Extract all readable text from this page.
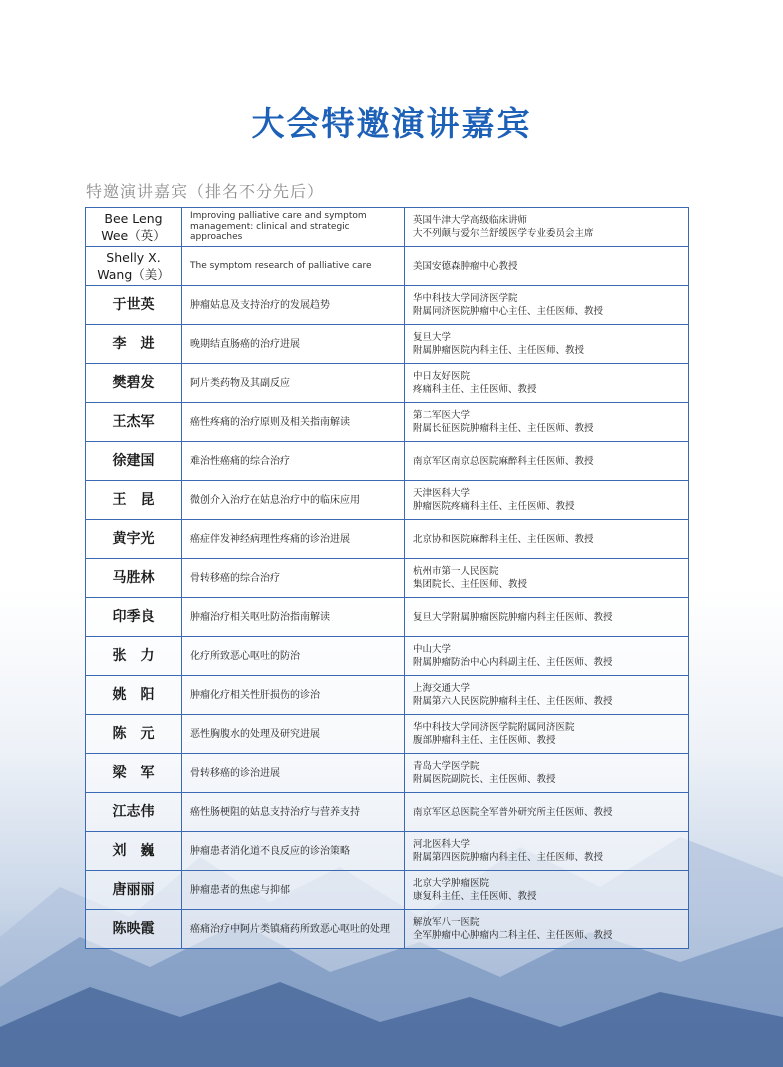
大会特邀演讲嘉宾
特邀演讲嘉宾（排名不分先后）
Bee Leng
Wee（英）	Improving palliative care and symptom management: clinical and strategic approaches	英国牛津大学高级临床讲师
大不列颠与爱尔兰舒缓医学专业委员会主席

Shelly X.
Wang（美）	The symptom research of palliative care	美国安德森肿瘤中心教授

于世英	肿瘤姑息及支持治疗的发展趋势	华中科技大学同济医学院
附属同济医院肿瘤中心主任、主任医师、教授

李　进	晚期结直肠癌的治疗进展	复旦大学
附属肿瘤医院内科主任、主任医师、教授

樊碧发	阿片类药物及其副反应	中日友好医院
疼痛科主任、主任医师、教授

王杰军	癌性疼痛的治疗原则及相关指南解读	第二军医大学
附属长征医院肿瘤科主任、主任医师、教授

徐建国	难治性癌痛的综合治疗	南京军区南京总医院麻醉科主任医师、教授

王　昆	微创介入治疗在姑息治疗中的临床应用	天津医科大学
肿瘤医院疼痛科主任、主任医师、教授

黄宇光	癌症伴发神经病理性疼痛的诊治进展	北京协和医院麻醉科主任、主任医师、教授

马胜林	骨转移癌的综合治疗	杭州市第一人民医院
集团院长、主任医师、教授

印季良	肿瘤治疗相关呕吐防治指南解读	复旦大学附属肿瘤医院肿瘤内科主任医师、教授

张　力	化疗所致恶心呕吐的防治	中山大学
附属肿瘤防治中心内科副主任、主任医师、教授

姚　阳	肿瘤化疗相关性肝损伤的诊治	上海交通大学
附属第六人民医院肿瘤科主任、主任医师、教授

陈　元	恶性胸腹水的处理及研究进展	华中科技大学同济医学院附属同济医院
腹部肿瘤科主任、主任医师、教授

梁　军	骨转移癌的诊治进展	青岛大学医学院
附属医院副院长、主任医师、教授

江志伟	癌性肠梗阻的姑息支持治疗与营养支持	南京军区总医院全军普外研究所主任医师、教授

刘　巍	肿瘤患者消化道不良反应的诊治策略	河北医科大学
附属第四医院肿瘤内科主任、主任医师、教授

唐丽丽	肿瘤患者的焦虑与抑郁	北京大学肿瘤医院
康复科主任、主任医师、教授

陈映霞	癌痛治疗中阿片类镇痛药所致恶心呕吐的处理	解放军八一医院
全军肿瘤中心肿瘤内二科主任、主任医师、教授
